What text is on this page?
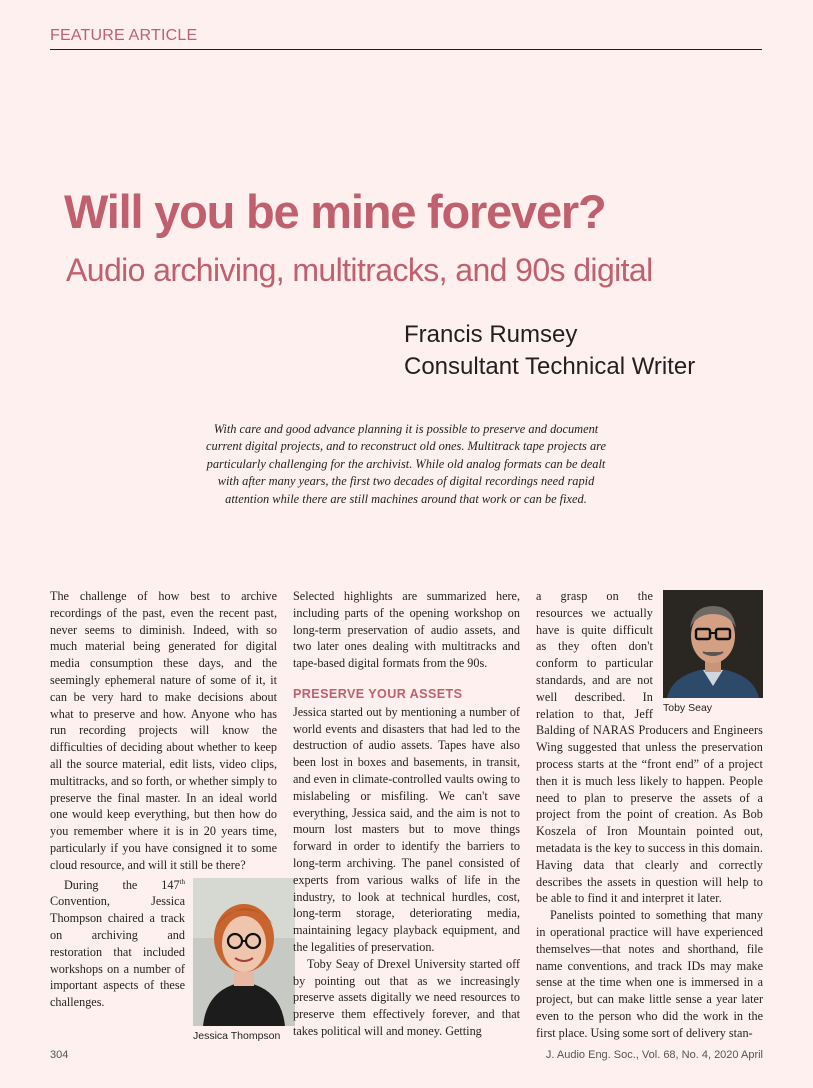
FEATURE ARTICLE
Will you be mine forever?
Audio archiving, multitracks, and 90s digital
Francis Rumsey
Consultant Technical Writer
With care and good advance planning it is possible to preserve and document current digital projects, and to reconstruct old ones. Multitrack tape projects are particularly challenging for the archivist. While old analog formats can be dealt with after many years, the first two decades of digital recordings need rapid attention while there are still machines around that work or can be fixed.

The challenge of how best to archive recordings of the past, even the recent past, never seems to diminish. Indeed, with so much material being generated for digital media consumption these days, and the seemingly ephemeral nature of some of it, it can be very hard to make decisions about what to preserve and how. Anyone who has run recording projects will know the difficulties of deciding about whether to keep all the source material, edit lists, video clips, multitracks, and so forth, or whether simply to preserve the final master. In an ideal world one would keep everything, but then how do you remember where it is in 20 years time, particularly if you have consigned it to some cloud resource, and will it still be there?

Jessica Thompson

During the 147th Convention, Jessica Thompson chaired a track on archiving and restoration that included workshops on a number of important aspects of these challenges.

Selected highlights are summarized here, including parts of the opening workshop on long-term preservation of audio assets, and two later ones dealing with multitracks and tape-based digital formats from the 90s.

PRESERVE YOUR ASSETS

Jessica started out by mentioning a number of world events and disasters that had led to the destruction of audio assets. Tapes have also been lost in boxes and basements, in transit, and even in climate-controlled vaults owing to mislabeling or misfiling. We can't save everything, Jessica said, and the aim is not to mourn lost masters but to move things forward in order to identify the barriers to long-term archiving. The panel consisted of experts from various walks of life in the industry, to look at technical hurdles, cost, long-term storage, deteriorating media, maintaining legacy playback equipment, and the legalities of preservation.

Toby Seay of Drexel University started off by pointing out that as we increasingly preserve assets digitally we need resources to preserve them effectively forever, and that takes political will and money. Getting

Toby Seay

a grasp on the resources we actually have is quite difficult as they often don't conform to particular standards, and are not well described. In relation to that, Jeff Balding of NARAS Producers and Engineers Wing suggested that unless the preservation process starts at the “front end” of a project then it is much less likely to happen. People need to plan to preserve the assets of a project from the point of creation. As Bob Koszela of Iron Mountain pointed out, metadata is the key to success in this domain. Having data that clearly and correctly describes the assets in question will help to be able to find it and interpret it later.

Panelists pointed to something that many in operational practice will have experienced themselves—that notes and shorthand, file name conventions, and track IDs may make sense at the time when one is immersed in a project, but can make little sense a year later even to the person who did the work in the first place. Using some sort of delivery stan-

304	J. Audio Eng. Soc., Vol. 68, No. 4, 2020 April
